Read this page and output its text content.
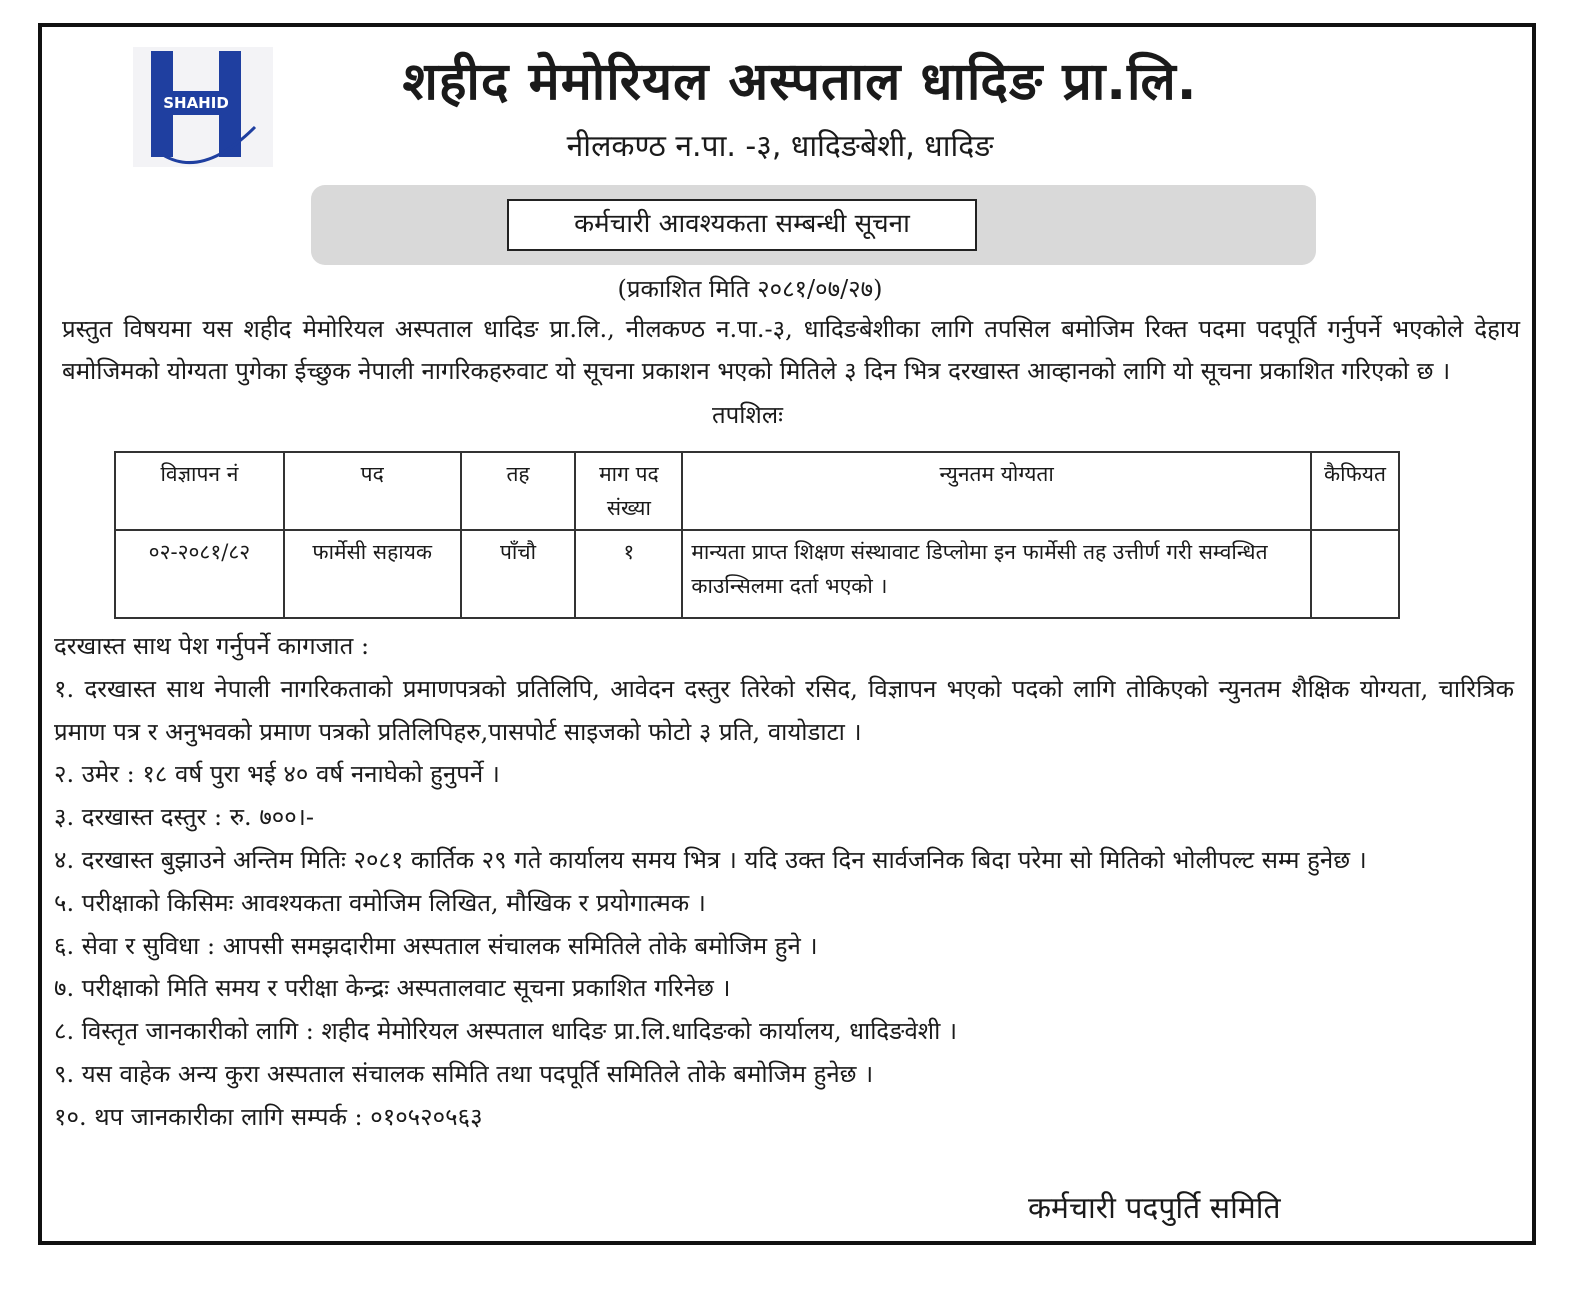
SHAHID	शहीद मेमोरियल अस्पताल धादिङ प्रा.लि.
नीलकण्ठ न.पा. -३, धादिङबेशी, धादिङ
कर्मचारी आवश्यकता सम्बन्धी सूचना
(प्रकाशित मिति २०८१/०७/२७)
प्रस्तुत विषयमा यस शहीद मेमोरियल अस्पताल धादिङ प्रा.लि., नीलकण्ठ न.पा.-३, धादिङबेशीका लागि तपसिल बमोजिम रिक्त पदमा पदपूर्ति गर्नुपर्ने भएकोले देहाय बमोजिमको योग्यता पुगेका ईच्छुक नेपाली नागरिकहरुवाट यो सूचना प्रकाशन भएको मितिले ३ दिन भित्र दरखास्त आव्हानको लागि यो सूचना प्रकाशित गरिएको छ ।
तपशिलः
विज्ञापन नं	पद	तह	माग पद संख्या	न्युनतम योग्यता	कैफियत
०२-२०८१/८२	फार्मेसी सहायक	पाँचौ	१	मान्यता प्राप्त शिक्षण संस्थावाट डिप्लोमा इन फार्मेसी तह उत्तीर्ण गरी सम्वन्धित काउन्सिलमा दर्ता भएको ।	

दरखास्त साथ पेश गर्नुपर्ने कागजात :

१. दरखास्त साथ नेपाली नागरिकताको प्रमाणपत्रको प्रतिलिपि, आवेदन दस्तुर तिरेको रसिद, विज्ञापन भएको पदको लागि तोकिएको न्युनतम शैक्षिक योग्यता, चारित्रिक प्रमाण पत्र र अनुभवको प्रमाण पत्रको प्रतिलिपिहरु,पासपोर्ट साइजको फोटो ३ प्रति, वायोडाटा ।
२. उमेर : १८ वर्ष पुरा भई ४० वर्ष ननाघेको हुनुपर्ने ।
३. दरखास्त दस्तुर : रु. ७००।-
४. दरखास्त बुझाउने अन्तिम मितिः २०८१ कार्तिक २९ गते कार्यालय समय भित्र । यदि उक्त दिन सार्वजनिक बिदा परेमा सो मितिको भोलीपल्ट सम्म हुनेछ ।
५. परीक्षाको किसिमः आवश्यकता वमोजिम लिखित, मौखिक र प्रयोगात्मक ।
६. सेवा र सुविधा : आपसी समझदारीमा अस्पताल संचालक समितिले तोके बमोजिम हुने ।
७. परीक्षाको मिति समय र परीक्षा केन्द्रः अस्पतालवाट सूचना प्रकाशित गरिनेछ ।
८. विस्तृत जानकारीको लागि : शहीद मेमोरियल अस्पताल धादिङ प्रा.लि.धादिङको कार्यालय, धादिङवेशी ।
९. यस वाहेक अन्य कुरा अस्पताल संचालक समिति तथा पदपूर्ति समितिले तोके बमोजिम हुनेछ ।
१०. थप जानकारीका लागि सम्पर्क : ०१०५२०५६३
कर्मचारी पदपुर्ति समिति
